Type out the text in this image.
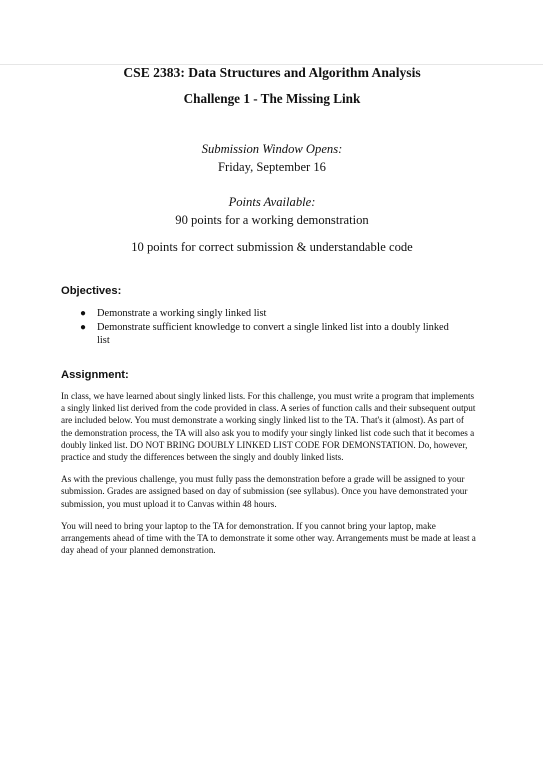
CSE 2383: Data Structures and Algorithm Analysis
Challenge 1 - The Missing Link
Submission Window Opens:
Friday, September 16
Points Available:
90 points for a working demonstration
10 points for correct submission & understandable code
Objectives:
● Demonstrate a working singly linked list
● Demonstrate sufficient knowledge to convert a single linked list into a doubly linked list
Assignment:

In class, we have learned about singly linked lists. For this challenge, you must write a program that implements a singly linked list derived from the code provided in class. A series of function calls and their subsequent output are included below. You must demonstrate a working singly linked list to the TA. That's it (almost). As part of the demonstration process, the TA will also ask you to modify your singly linked list code such that it becomes a doubly linked list. DO NOT BRING DOUBLY LINKED LIST CODE FOR DEMONSTATION. Do, however, practice and study the differences between the singly and doubly linked lists.

As with the previous challenge, you must fully pass the demonstration before a grade will be assigned to your submission. Grades are assigned based on day of submission (see syllabus). Once you have demonstrated your submission, you must upload it to Canvas within 48 hours.

You will need to bring your laptop to the TA for demonstration. If you cannot bring your laptop, make arrangements ahead of time with the TA to demonstrate it some other way. Arrangements must be made at least a day ahead of your planned demonstration.
